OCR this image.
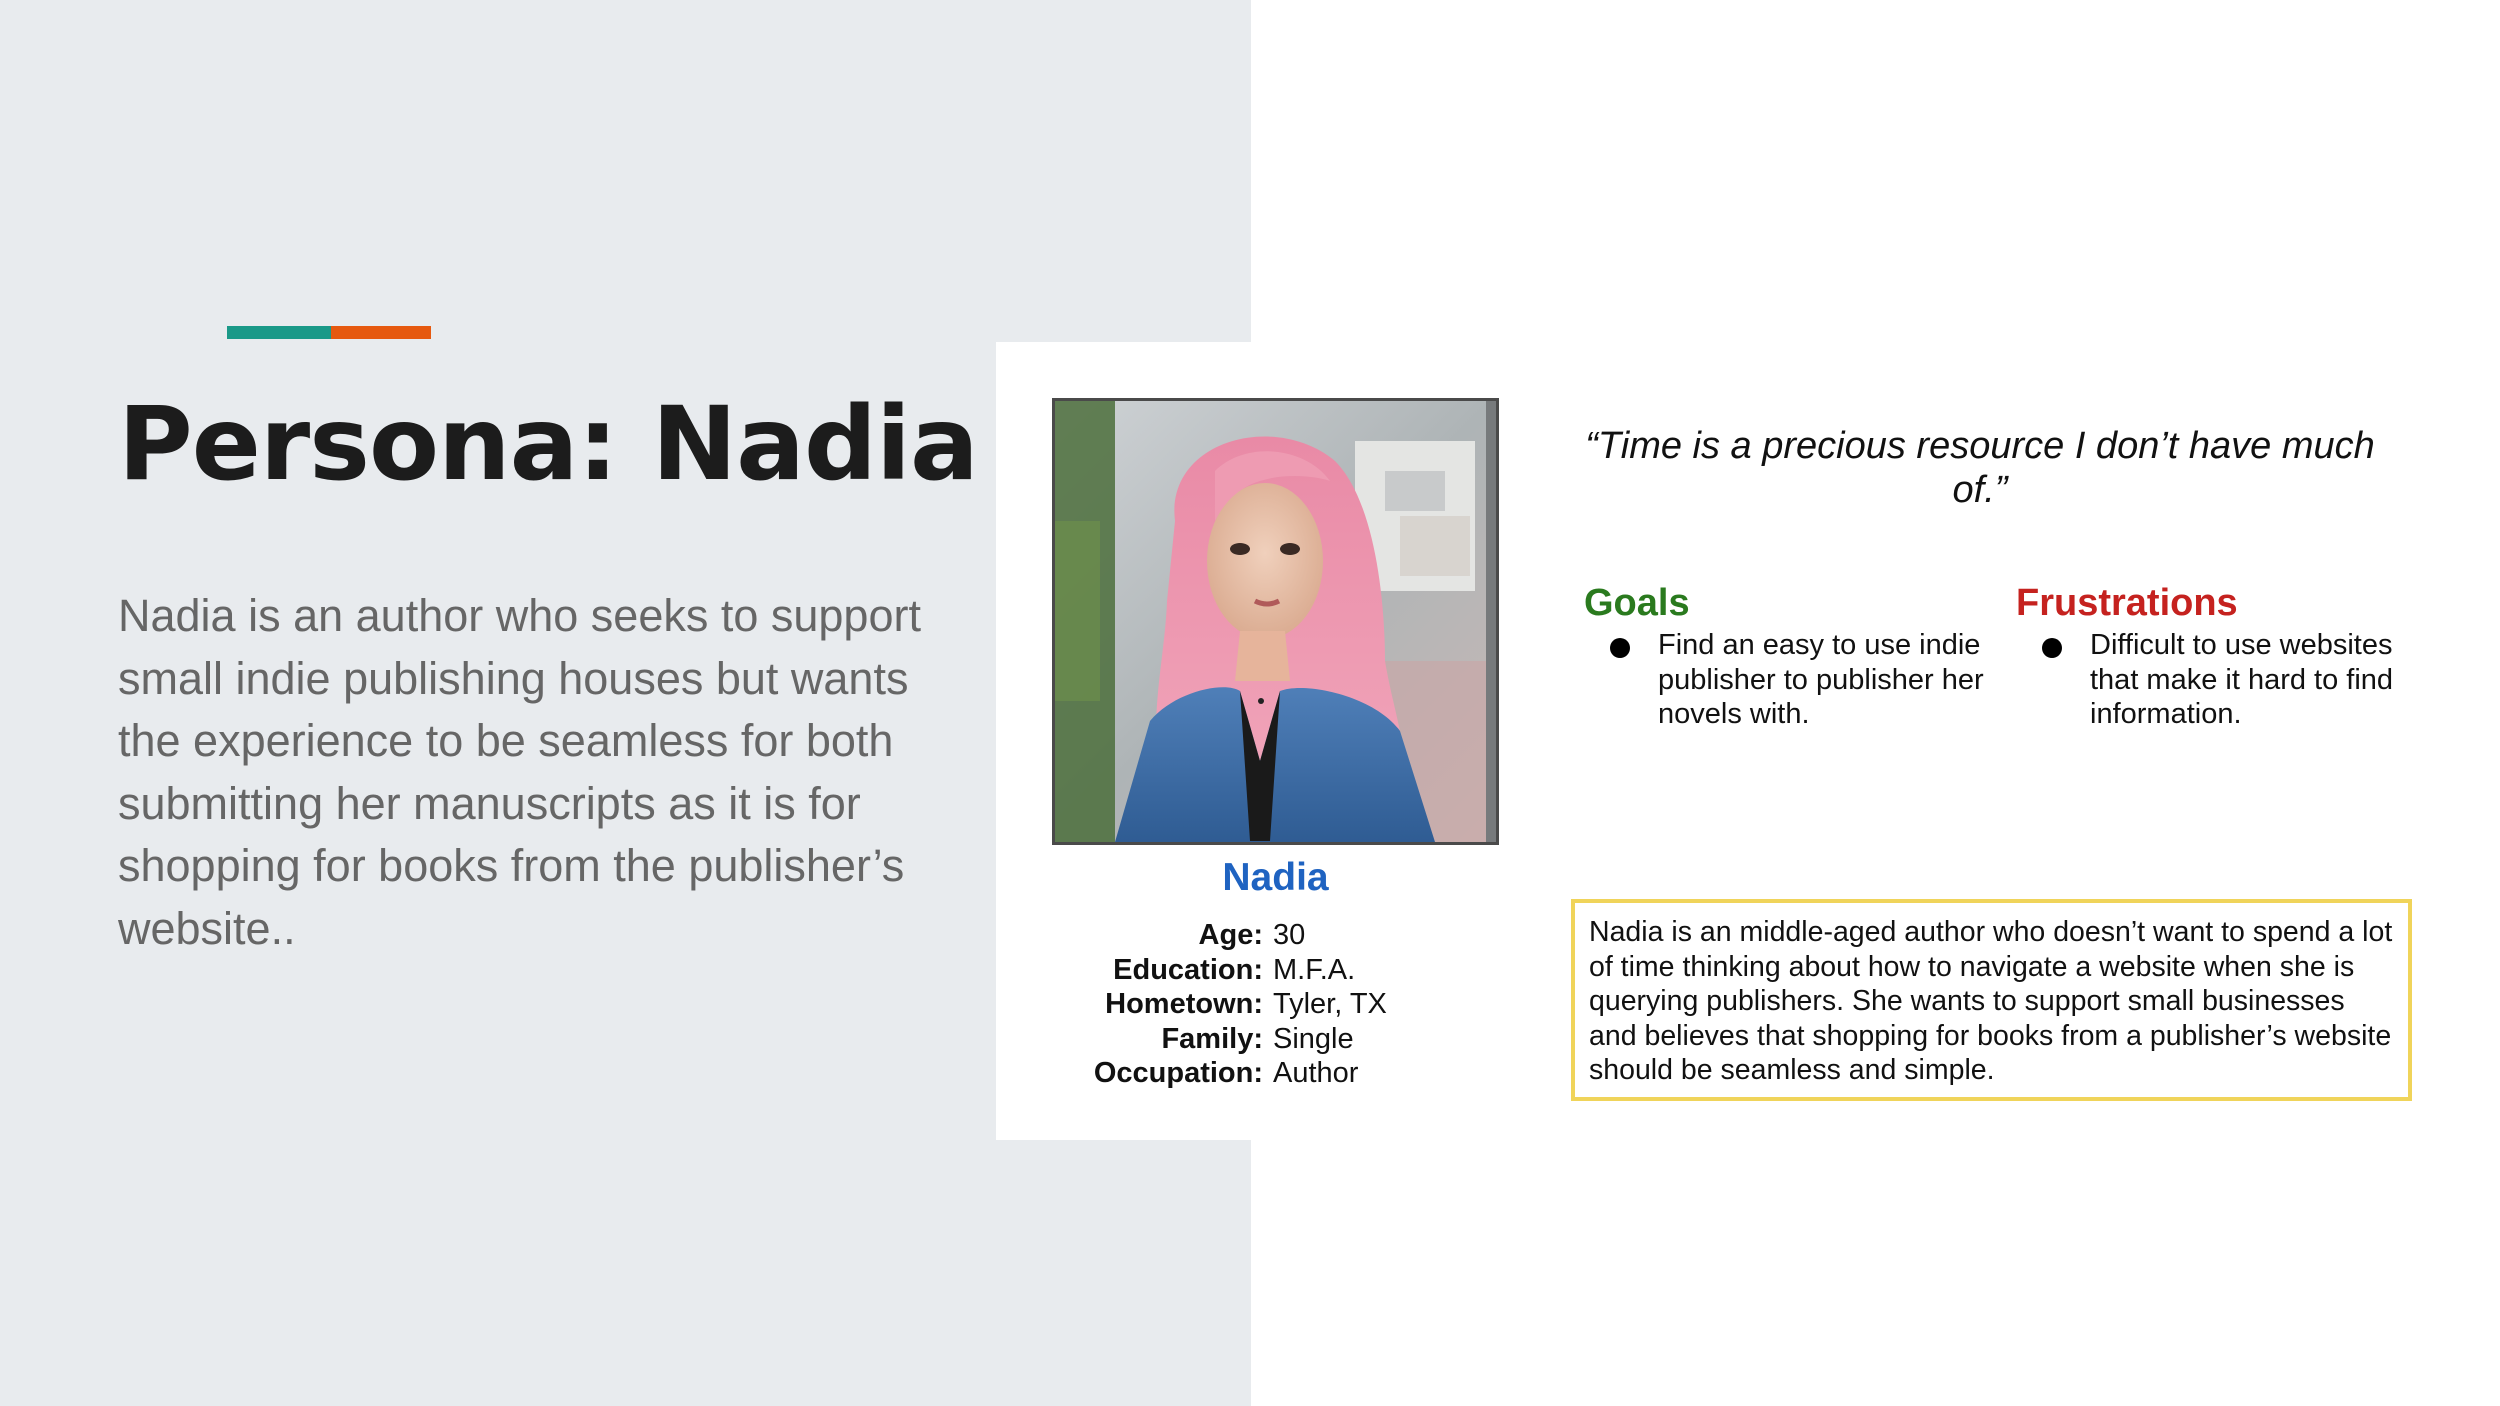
Persona: Nadia

Nadia is an author who seeks to support small indie publishing houses but wants the experience to be seamless for both submitting her manuscripts as it is for shopping for books from the publisher’s website..

Nadia
Age: 30
Education: M.F.A.
Hometown: Tyler, TX
Family: Single
Occupation: Author

“Time is a precious resource I don’t have much of.”

Goals
Find an easy to use indie publisher to publisher her novels with.
Frustrations
Difficult to use websites that make it hard to find information.
Nadia is an middle-aged author who doesn’t want to spend a lot of time thinking about how to navigate a website when she is querying publishers. She wants to support small businesses and believes that shopping for books from a publisher’s website should be seamless and simple.
